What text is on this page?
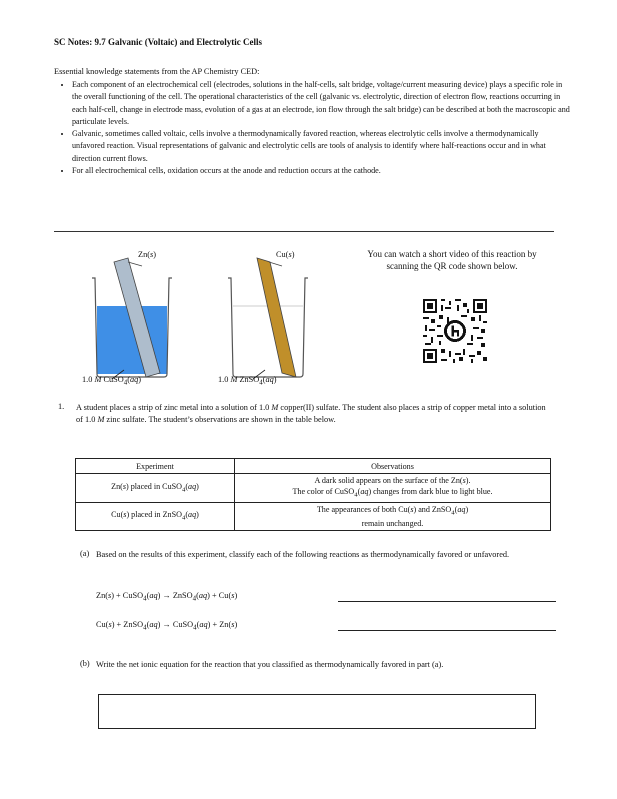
SC Notes: 9.7 Galvanic (Voltaic) and Electrolytic Cells
Essential knowledge statements from the AP Chemistry CED:
• Each component of an electrochemical cell (electrodes, solutions in the half-cells, salt bridge, voltage/current measuring device) plays a specific role in the overall functioning of the cell. The operational characteristics of the cell (galvanic vs. electrolytic, direction of electron flow, reactions occurring in each half-cell, change in electrode mass, evolution of a gas at an electrode, ion flow through the salt bridge) can be described at both the macroscopic and particulate levels.
• Galvanic, sometimes called voltaic, cells involve a thermodynamically favored reaction, whereas electrolytic cells involve a thermodynamically unfavored reaction. Visual representations of galvanic and electrolytic cells are tools of analysis to identify where half-reactions occur and in what direction current flows.
• For all electrochemical cells, oxidation occurs at the anode and reduction occurs at the cathode.
Zn(s)	Cu(s)
1.0 M CuSO$_4$(aq)	1.0 M ZnSO$_4$(aq)
You can watch a short video of this reaction by scanning the QR code shown below.
1. A student places a strip of zinc metal into a solution of 1.0 M copper(II) sulfate. The student also places a strip of copper metal into a solution of 1.0 M zinc sulfate. The student’s observations are shown in the table below.
Experiment	Observations
Zn(s) placed in CuSO$_4$(aq)	A dark solid appears on the surface of the Zn(s).
The color of CuSO$_4$(aq) changes from dark blue to light blue.
Cu(s) placed in ZnSO$_4$(aq)	The appearances of both Cu(s) and ZnSO$_4$(aq)
remain unchanged.
(a) Based on the results of this experiment, classify each of the following reactions as thermodynamically favored or unfavored.
Zn(s) + CuSO$_4$(aq) → ZnSO$_4$(aq) + Cu(s)
Cu(s) + ZnSO$_4$(aq) → CuSO$_4$(aq) + Zn(s)
(b) Write the net ionic equation for the reaction that you classified as thermodynamically favored in part (a).
